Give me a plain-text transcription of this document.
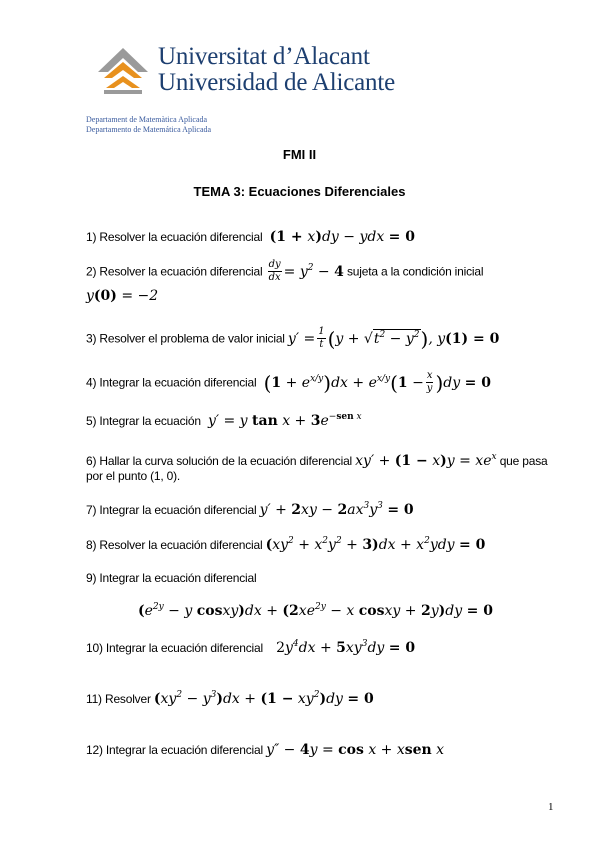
Universitat d’Alacant
Universidad de Alicante
Departament de Matemàtica Aplicada
Departamento de Matemática Aplicada
FMI II
TEMA 3: Ecuaciones Diferenciales
1) Resolver la ecuación diferencial (1 + x)dy − ydx = 0
2) Resolver la ecuación diferencial $\frac{dy}{dx} = y^2 - 4$ sujeta a la condición inicial
y(0) = −2
3) Resolver el problema de valor inicial $y' = \frac{1}{t} (y + √t^2 - y^2)$, y(1) = 0
4) Integrar la ecuación diferencial $(1 + e^{x/y})dx + e^{x/y}(1 - \frac{x}{y} )dy = 0$
5) Integrar la ecuación y′ = y $\tan x + 3e^{-sen x}$
6) Hallar la curva solución de la ecuación diferencial $xy' + (1 - x)y = xe^x$ que pasa
por el punto (1, 0).
7) Integrar la ecuación diferencial $y' + 2xy - 2ax^3y^3 = 0$
8) Resolver la ecuación diferencial $(xy^2 + x^2y^2 + 3)dx + x^2ydy = 0$
9) Integrar la ecuación diferencial
($e^{2y} - y$ cosxy)dx + ($2xe^{2y} - x$ cosxy + 2y)dy = 0
10) Integrar la ecuación diferencial $2y^4dx + 5xy^3dy = 0$
11) Resolver $(xy^2 - y^3)dx + (1 - xy^2)dy = 0$
12) Integrar la ecuación diferencial y″ − 4y = cos x + xsen x
1
